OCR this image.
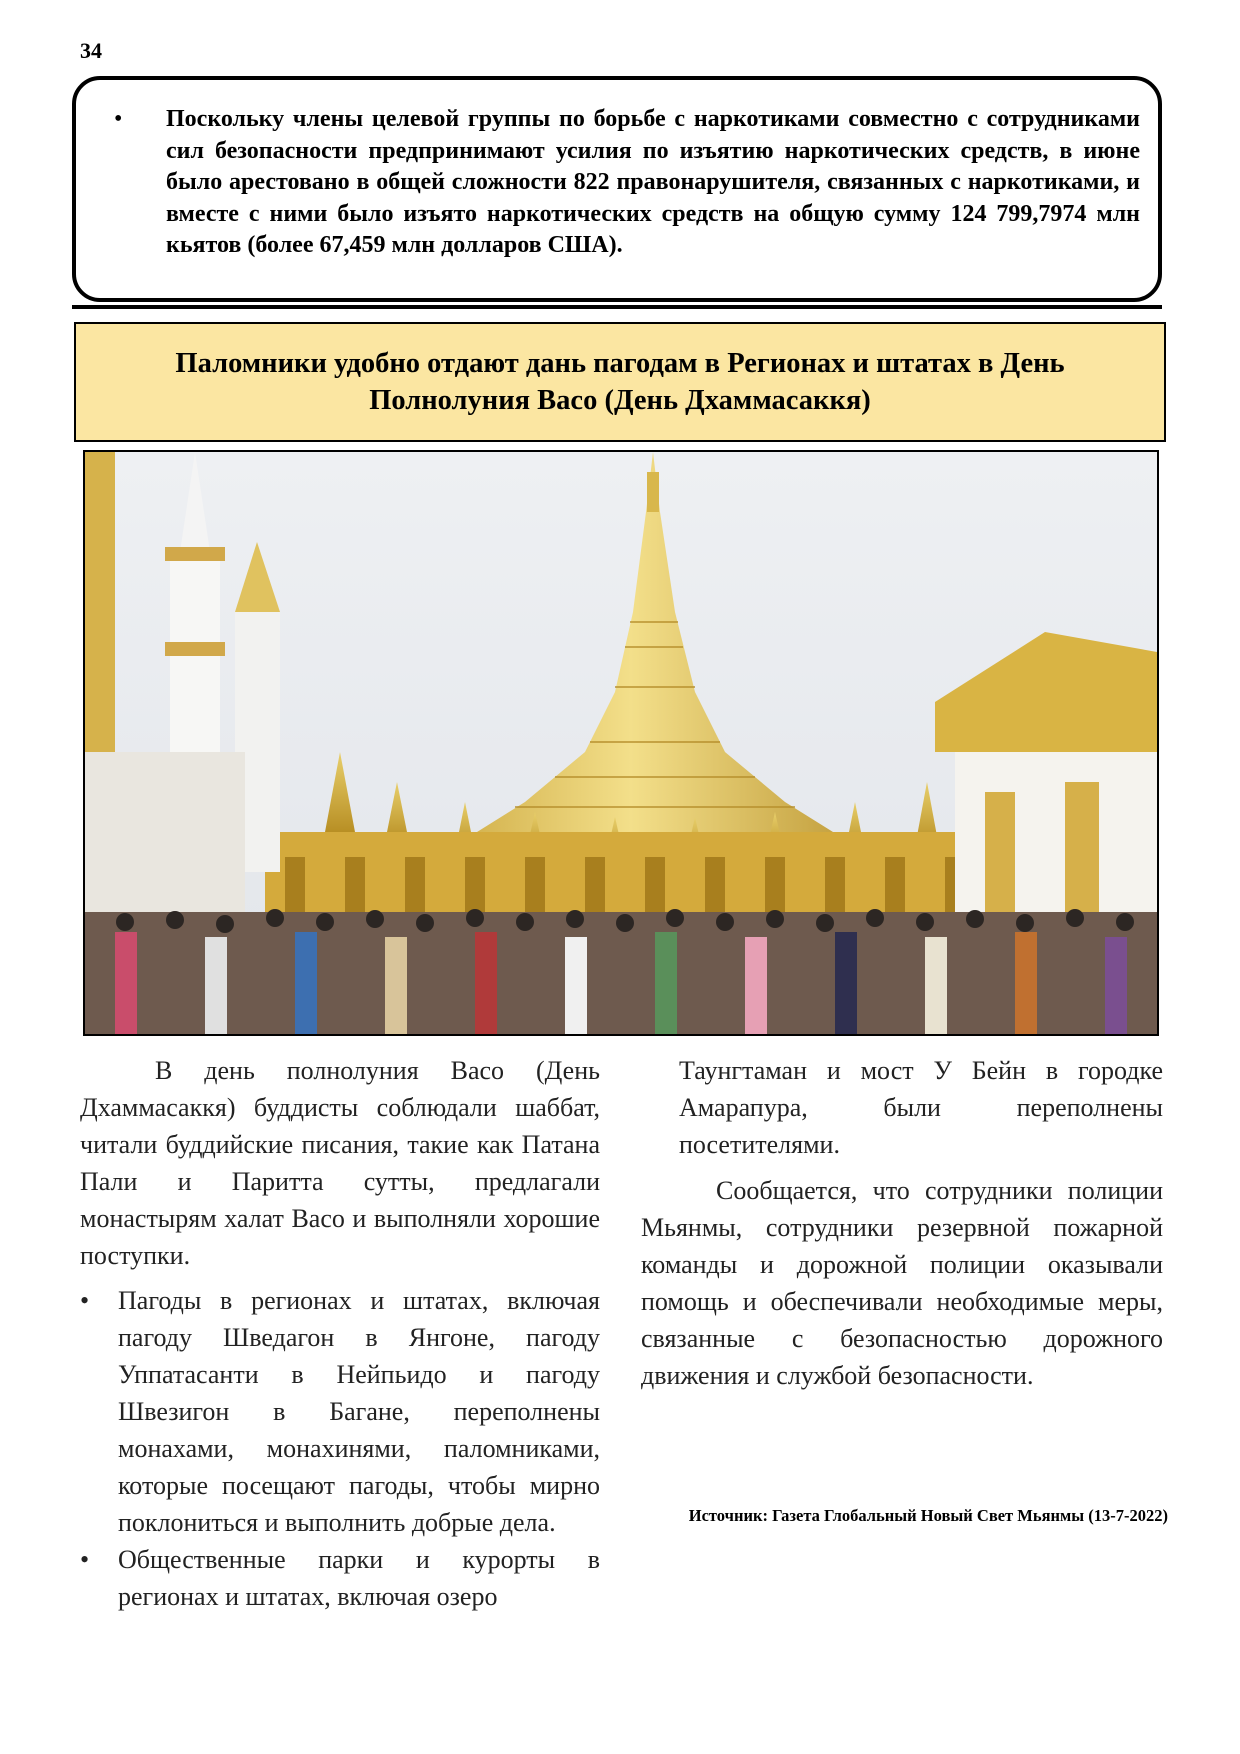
34
• Поскольку члены целевой группы по борьбе с наркотиками совместно с сотрудниками сил безопасности предпринимают усилия по изъятию наркотических средств, в июне было арестовано в общей сложности 822 правонарушителя, связанных с наркотиками, и вместе с ними было изъято наркотических средств на общую сумму 124 799,7974 млн кьятов (более 67,459 млн долларов США).

Паломники удобно отдают дань пагодам в Регионах и штатах в День
Полнолуния Васо (День Дхаммасаккя)

В день полнолуния Васо (День Дхаммасаккя) буддисты соблюдали шаббат, читали буддийские писания, такие как Патана Пали и Паритта сутты, предлагали монастырям халат Васо и выполняли хорошие поступки.

• Пагоды в регионах и штатах, включая пагоду Шведагон в Янгоне, пагоду Уппатасанти в Нейпьидо и пагоду Швезигон в Багане, переполнены монахами, монахинями, паломниками, которые посещают пагоды, чтобы мирно поклониться и выполнить добрые дела.
• Общественные парки и курорты в регионах и штатах, включая озеро

Таунгтаман и мост У Бейн в городке Амарапура, были переполнены посетителями.

Сообщается, что сотрудники полиции Мьянмы, сотрудники резервной пожарной команды и дорожной полиции оказывали помощь и обеспечивали необходимые меры, связанные с безопасностью дорожного движения и службой безопасности.

Источник: Газета Глобальный Новый Свет Мьянмы (13-7-2022)
